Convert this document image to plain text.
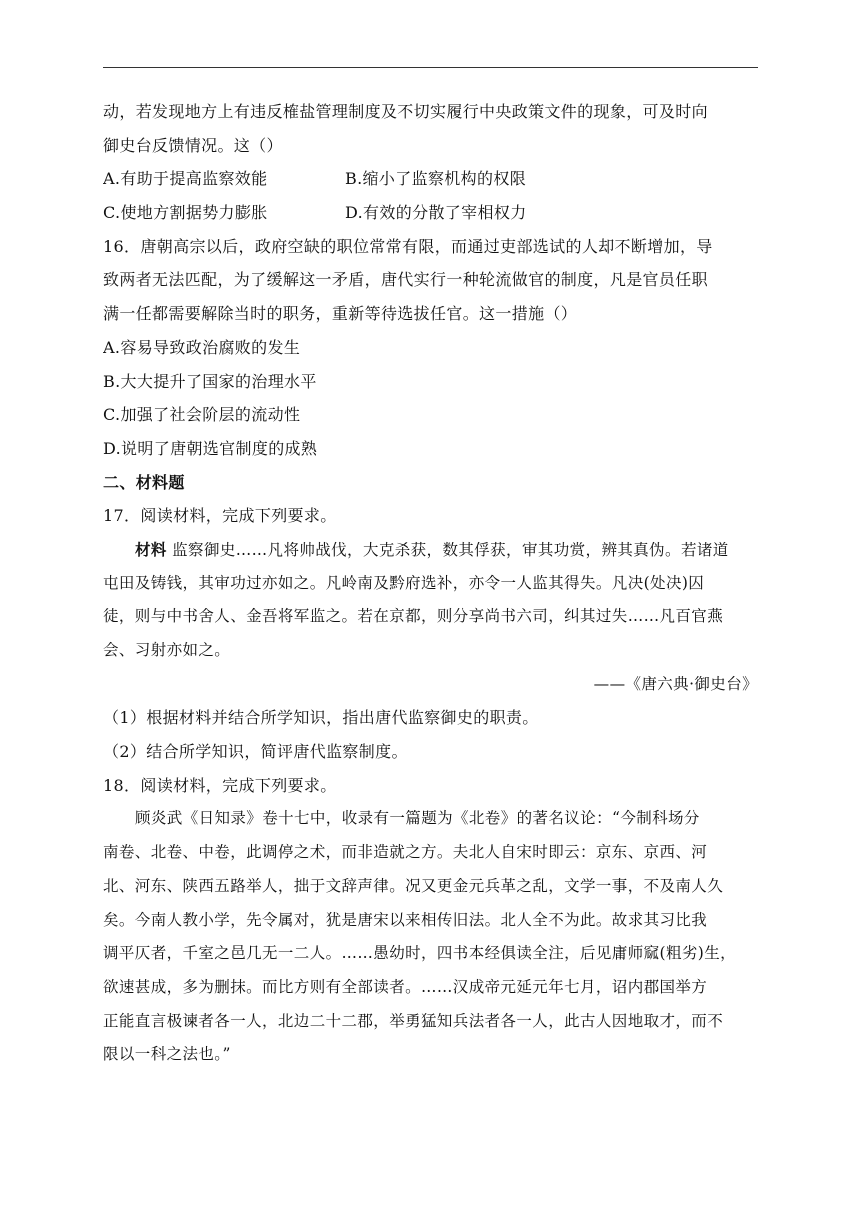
动，若发现地方上有违反榷盐管理制度及不切实履行中央政策文件的现象，可及时向
御史台反馈情况。这（）
A.有助于提高监察效能	B.缩小了监察机构的权限
C.使地方割据势力膨胀	D.有效的分散了宰相权力
16．唐朝高宗以后，政府空缺的职位常常有限，而通过吏部选试的人却不断增加，导
致两者无法匹配，为了缓解这一矛盾，唐代实行一种轮流做官的制度，凡是官员任职
满一任都需要解除当时的职务，重新等待选拔任官。这一措施（）
A.容易导致政治腐败的发生
B.大大提升了国家的治理水平
C.加强了社会阶层的流动性
D.说明了唐朝选官制度的成熟
二、材料题
17．阅读材料，完成下列要求。
材料 监察御史……凡将帅战伐，大克杀获，数其俘获，审其功赏，辨其真伪。若诸道
屯田及铸钱，其审功过亦如之。凡岭南及黔府选补，亦令一人监其得失。凡决(处决)囚
徒，则与中书舍人、金吾将军监之。若在京都，则分享尚书六司，纠其过失……凡百官燕
会、习射亦如之。
——《唐六典·御史台》
（1）根据材料并结合所学知识，指出唐代监察御史的职责。
（2）结合所学知识，简评唐代监察制度。
18．阅读材料，完成下列要求。
顾炎武《日知录》卷十七中，收录有一篇题为《北卷》的著名议论：“今制科场分
南卷、北卷、中卷，此调停之术，而非造就之方。夫北人自宋时即云：京东、京西、河
北、河东、陕西五路举人，拙于文辞声律。况又更金元兵革之乱，文学一事，不及南人久
矣。今南人教小学，先令属对，犹是唐宋以来相传旧法。北人全不为此。故求其习比我
调平仄者，千室之邑几无一二人。……愚幼时，四书本经俱读全注，后见庸师窳(粗劣)生，
欲速甚成，多为删抹。而比方则有全部读者。……汉成帝元延元年七月，诏内郡国举方
正能直言极谏者各一人，北边二十二郡，举勇猛知兵法者各一人，此古人因地取才，而不
限以一科之法也。”
